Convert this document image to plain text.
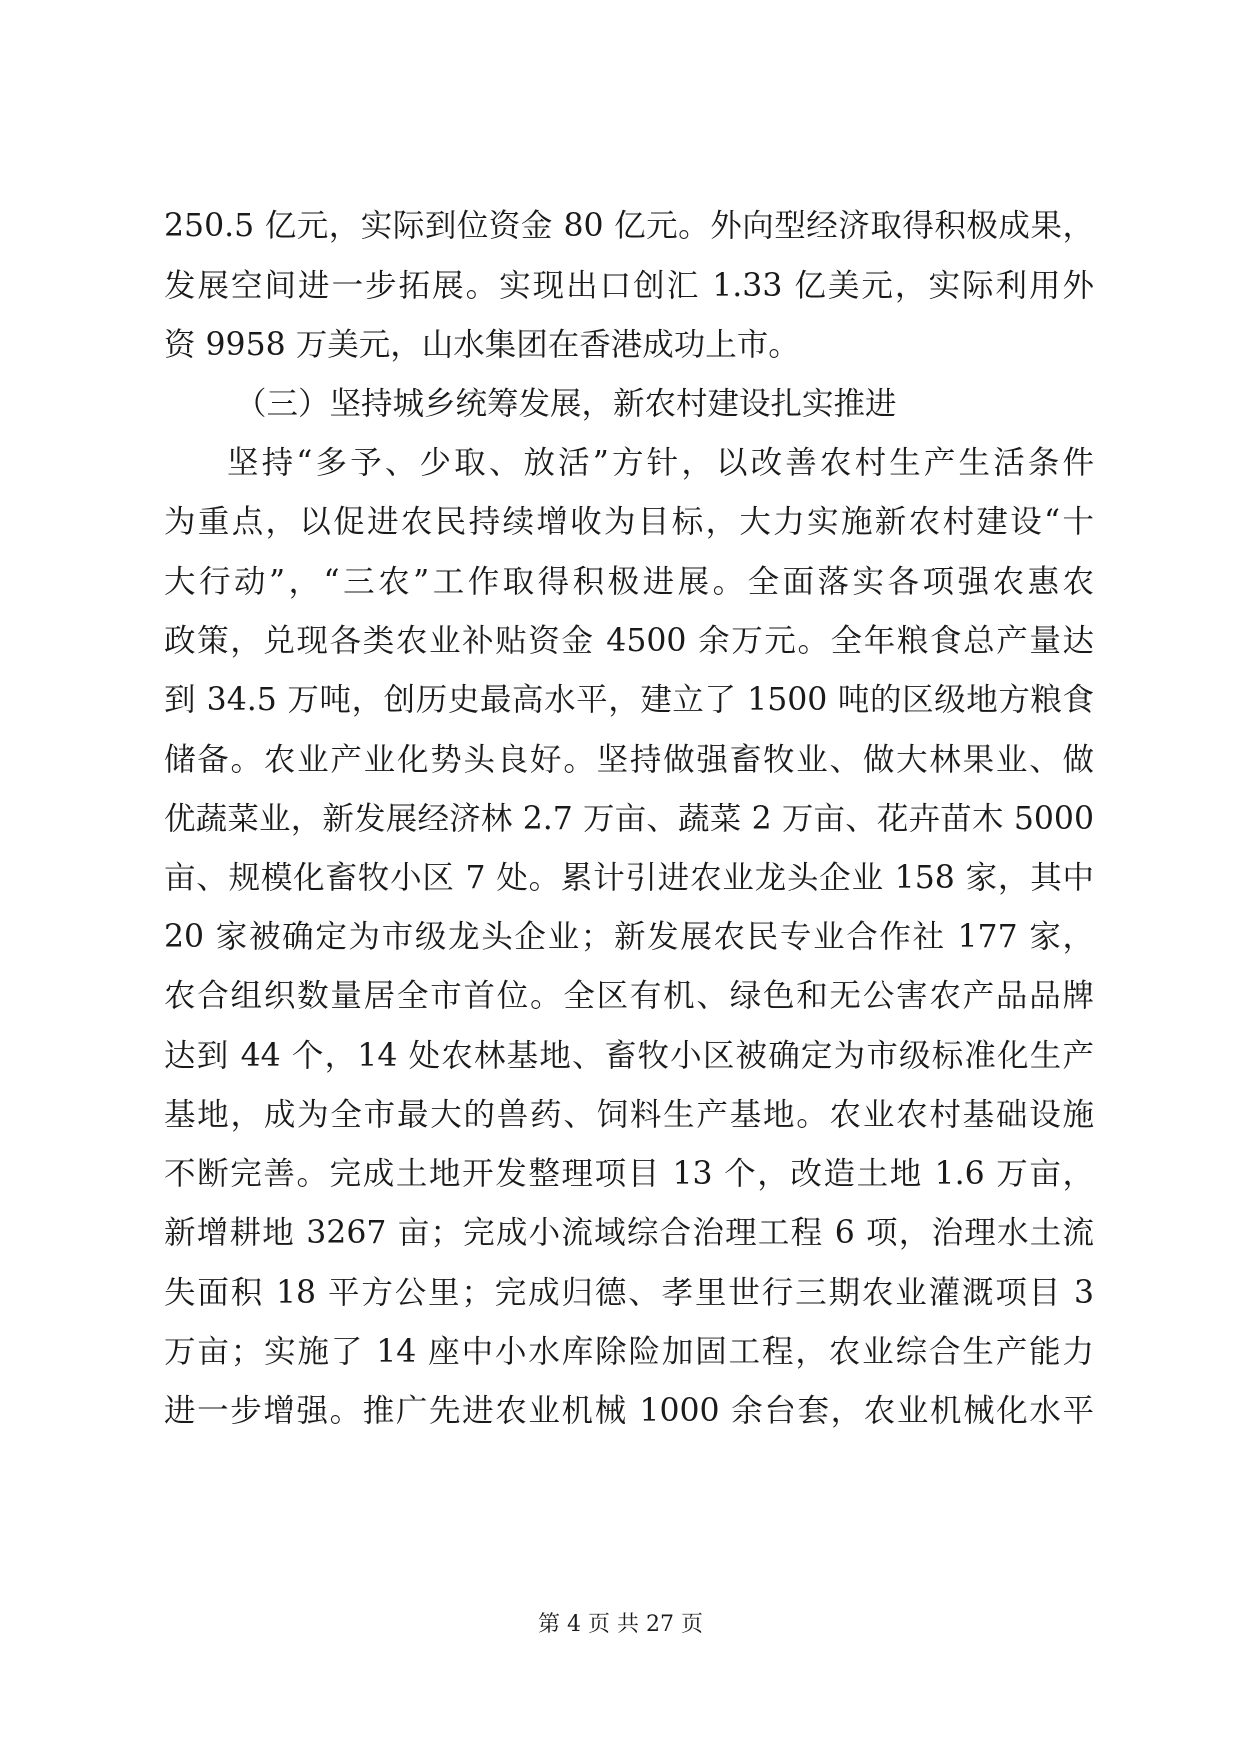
250.5 亿元，实际到位资金 80 亿元。外向型经济取得积极成果，
发展空间进一步拓展。实现出口创汇 1.33 亿美元，实际利用外
资 9958 万美元，山水集团在香港成功上市。
（三）坚持城乡统筹发展，新农村建设扎实推进
坚持“多予、少取、放活”方针，以改善农村生产生活条件
为重点，以促进农民持续增收为目标，大力实施新农村建设“十
大行动”，“三农”工作取得积极进展。全面落实各项强农惠农
政策，兑现各类农业补贴资金 4500 余万元。全年粮食总产量达
到 34.5 万吨，创历史最高水平，建立了 1500 吨的区级地方粮食
储备。农业产业化势头良好。坚持做强畜牧业、做大林果业、做
优蔬菜业，新发展经济林 2.7 万亩、蔬菜 2 万亩、花卉苗木 5000
亩、规模化畜牧小区 7 处。累计引进农业龙头企业 158 家，其中
20 家被确定为市级龙头企业；新发展农民专业合作社 177 家，
农合组织数量居全市首位。全区有机、绿色和无公害农产品品牌
达到 44 个，14 处农林基地、畜牧小区被确定为市级标准化生产
基地，成为全市最大的兽药、饲料生产基地。农业农村基础设施
不断完善。完成土地开发整理项目 13 个，改造土地 1.6 万亩，
新增耕地 3267 亩；完成小流域综合治理工程 6 项，治理水土流
失面积 18 平方公里；完成归德、孝里世行三期农业灌溉项目 3
万亩；实施了 14 座中小水库除险加固工程，农业综合生产能力
进一步增强。推广先进农业机械 1000 余台套，农业机械化水平
第 4 页 共 27 页
